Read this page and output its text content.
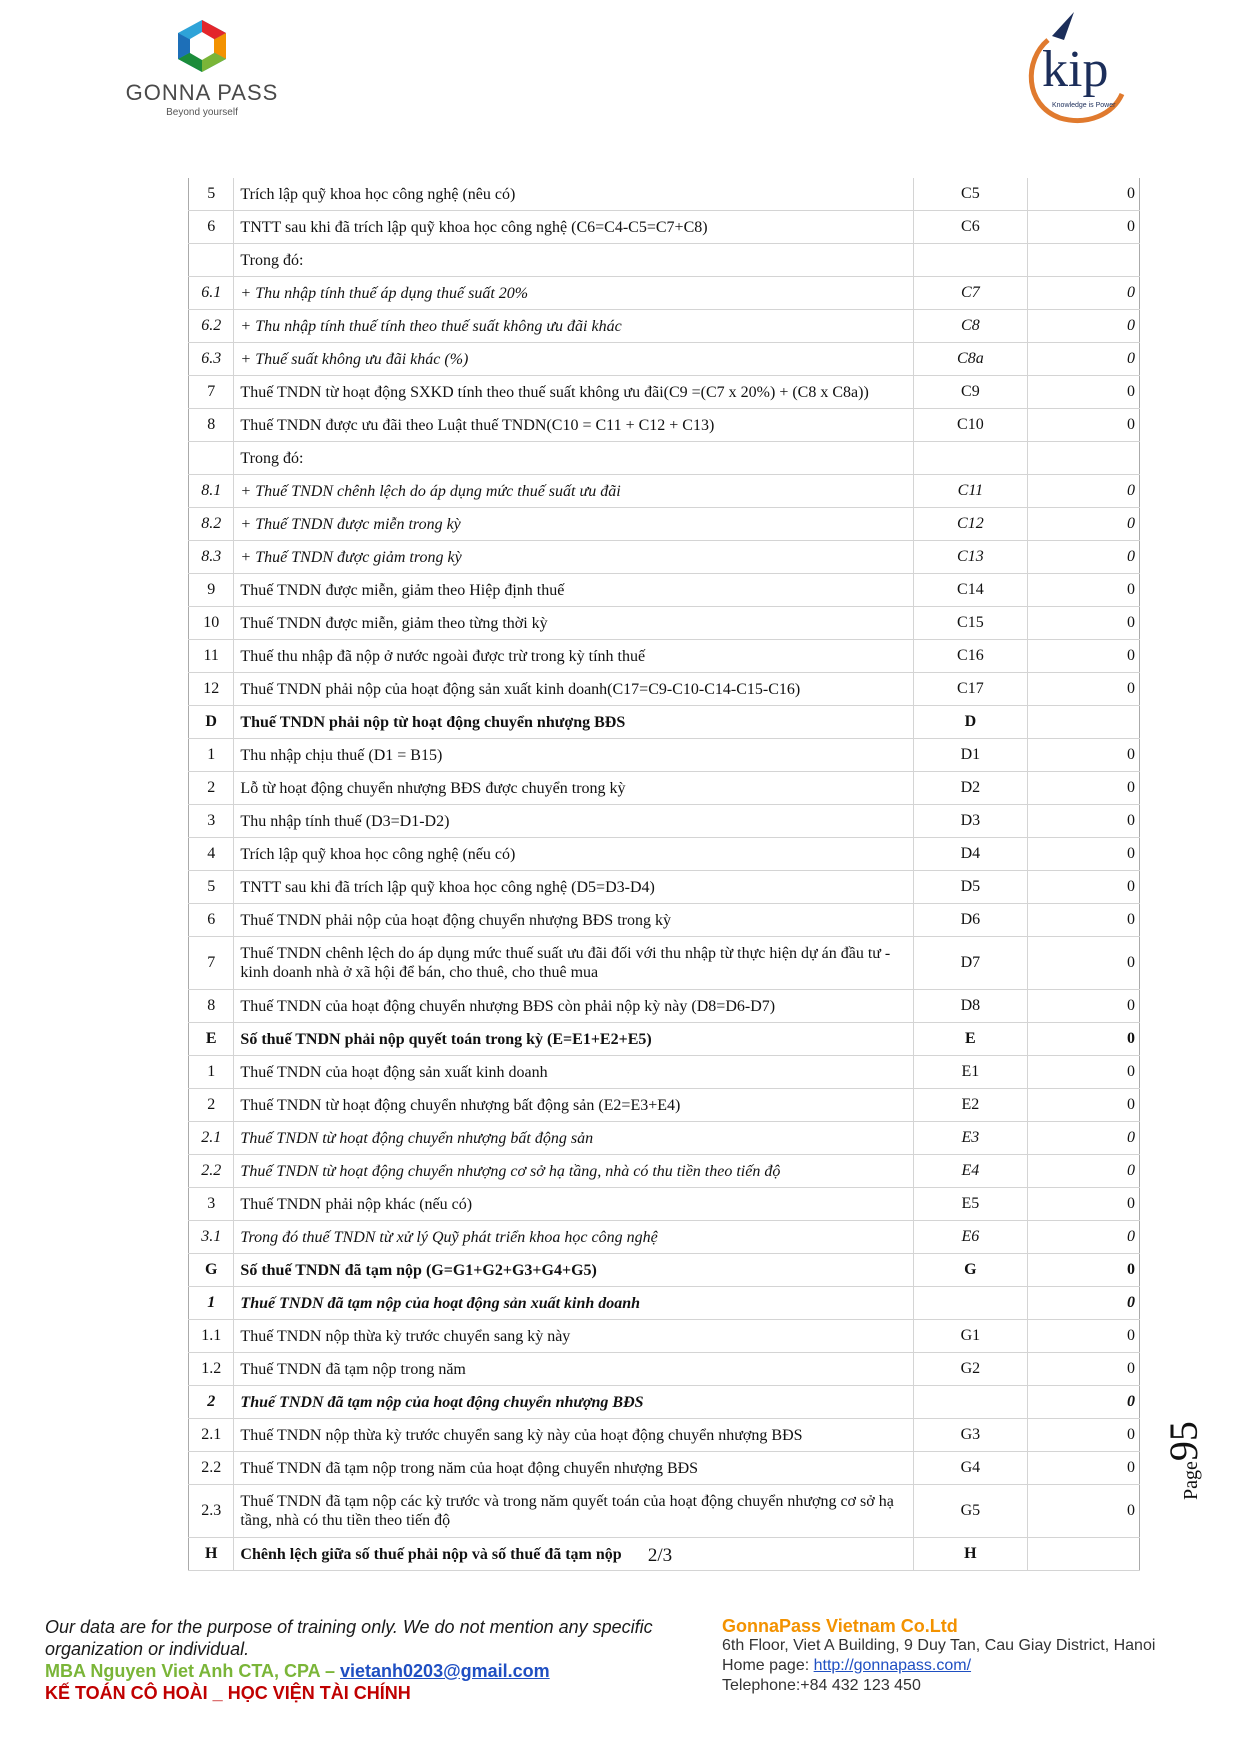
GONNA PASS
Beyond yourself
kip
Knowledge is Power
5	Trích lập quỹ khoa học công nghệ (nêu có)	C5	0
6	TNTT sau khi đã trích lập quỹ khoa học công nghệ (C6=C4-C5=C7+C8)	C6	0
	Trong đó:		
6.1	+ Thu nhập tính thuế áp dụng thuế suất 20%	C7	0
6.2	+ Thu nhập tính thuế tính theo thuế suất không ưu đãi khác	C8	0
6.3	+ Thuế suất không ưu đãi khác (%)	C8a	0
7	Thuế TNDN từ hoạt động SXKD tính theo thuế suất không ưu đãi(C9 =(C7 x 20%) + (C8 x C8a))	C9	0
8	Thuế TNDN được ưu đãi theo Luật thuế TNDN(C10 = C11 + C12 + C13)	C10	0
	Trong đó:		
8.1	+ Thuế TNDN chênh lệch do áp dụng mức thuế suất ưu đãi	C11	0
8.2	+ Thuế TNDN được miễn trong kỳ	C12	0
8.3	+ Thuế TNDN được giảm trong kỳ	C13	0
9	Thuế TNDN được miễn, giảm theo Hiệp định thuế	C14	0
10	Thuế TNDN được miễn, giảm theo từng thời kỳ	C15	0
11	Thuế thu nhập đã nộp ở nước ngoài được trừ trong kỳ tính thuế	C16	0
12	Thuế TNDN phải nộp của hoạt động sản xuất kinh doanh(C17=C9-C10-C14-C15-C16)	C17	0
D	Thuế TNDN phải nộp từ hoạt động chuyển nhượng BĐS	D	
1	Thu nhập chịu thuế (D1 = B15)	D1	0
2	Lỗ từ hoạt động chuyển nhượng BĐS được chuyển trong kỳ	D2	0
3	Thu nhập tính thuế (D3=D1-D2)	D3	0
4	Trích lập quỹ khoa học công nghệ (nếu có)	D4	0
5	TNTT sau khi đã trích lập quỹ khoa học công nghệ (D5=D3-D4)	D5	0
6	Thuế TNDN phải nộp của hoạt động chuyển nhượng BĐS trong kỳ	D6	0
7	Thuế TNDN chênh lệch do áp dụng mức thuế suất ưu đãi đối với thu nhập từ thực hiện dự án đầu tư - kinh doanh nhà ở xã hội để bán, cho thuê, cho thuê mua	D7	0
8	Thuế TNDN của hoạt động chuyển nhượng BĐS còn phải nộp kỳ này (D8=D6-D7)	D8	0
E	Số thuế TNDN phải nộp quyết toán trong kỳ (E=E1+E2+E5)	E	0
1	Thuế TNDN của hoạt động sản xuất kinh doanh	E1	0
2	Thuế TNDN từ hoạt động chuyển nhượng bất động sản (E2=E3+E4)	E2	0
2.1	Thuế TNDN từ hoạt động chuyển nhượng bất động sản	E3	0
2.2	Thuế TNDN từ hoạt động chuyển nhượng cơ sở hạ tầng, nhà có thu tiền theo tiến độ	E4	0
3	Thuế TNDN phải nộp khác (nếu có)	E5	0
3.1	Trong đó thuế TNDN từ xử lý Quỹ phát triển khoa học công nghệ	E6	0
G	Số thuế TNDN đã tạm nộp (G=G1+G2+G3+G4+G5)	G	0
1	Thuế TNDN đã tạm nộp của hoạt động sản xuất kinh doanh		0
1.1	Thuế TNDN nộp thừa kỳ trước chuyển sang kỳ này	G1	0
1.2	Thuế TNDN đã tạm nộp trong năm	G2	0
2	Thuế TNDN đã tạm nộp của hoạt động chuyển nhượng BĐS		0
2.1	Thuế TNDN nộp thừa kỳ trước chuyển sang kỳ này của hoạt động chuyển nhượng BĐS	G3	0
2.2	Thuế TNDN đã tạm nộp trong năm của hoạt động chuyển nhượng BĐS	G4	0
2.3	Thuế TNDN đã tạm nộp các kỳ trước và trong năm quyết toán của hoạt động chuyển nhượng cơ sở hạ tầng, nhà có thu tiền theo tiến độ	G5	0
H	Chênh lệch giữa số thuế phải nộp và số thuế đã tạm nộp	H	
2/3
Page95
Our data are for the purpose of training only. We do not mention any specific organization or individual.
MBA Nguyen Viet Anh CTA, CPA – vietanh0203@gmail.com
KẾ TOÁN CÔ HOÀI _ HỌC VIỆN TÀI CHÍNH
GonnaPass Vietnam Co.Ltd
6th Floor, Viet A Building, 9 Duy Tan, Cau Giay District, Hanoi
Home page: http://gonnapass.com/
Telephone:+84 432 123 450
